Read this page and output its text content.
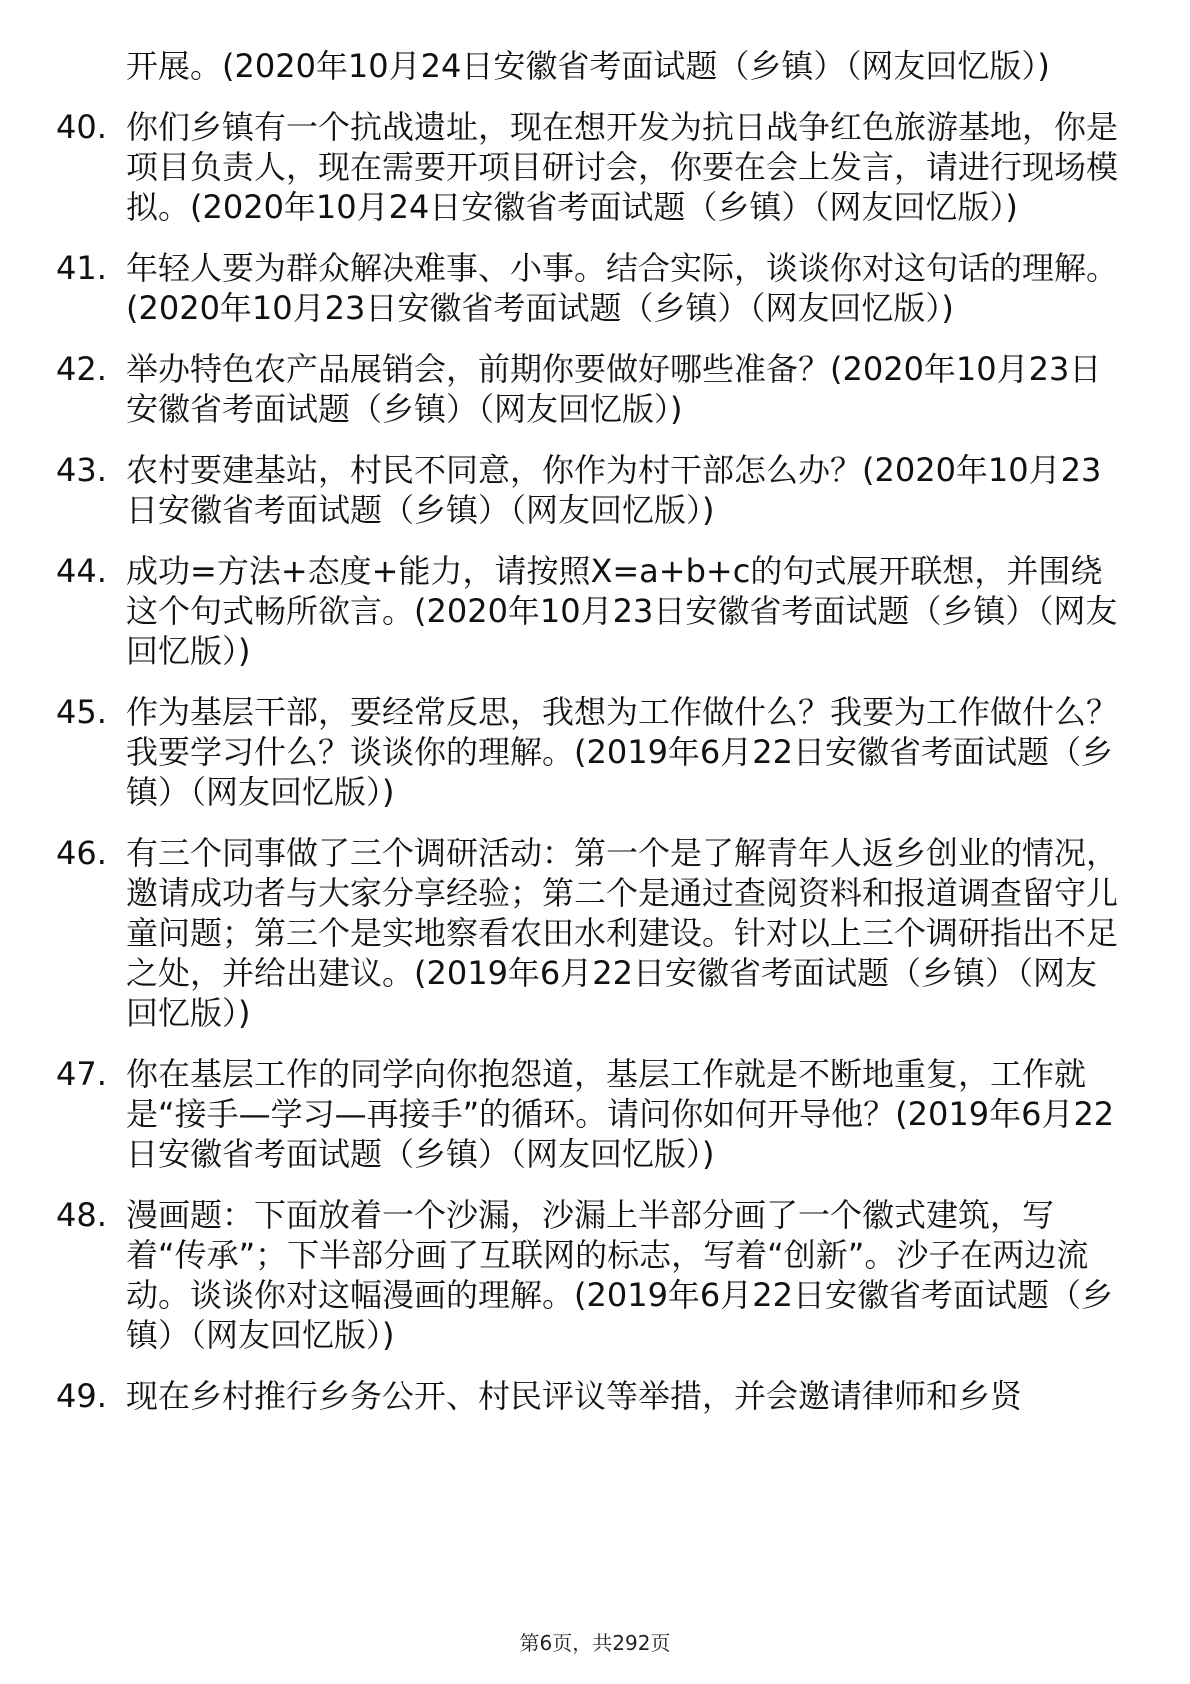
开展。(2020年10月24日安徽省考面试题（乡镇）（网友回忆版）)
40. 你们乡镇有一个抗战遗址，现在想开发为抗日战争红色旅游基地，你是项目负责人，现在需要开项目研讨会，你要在会上发言，请进行现场模拟。(2020年10月24日安徽省考面试题（乡镇）（网友回忆版）)
41. 年轻人要为群众解决难事、小事。结合实际，谈谈你对这句话的理解。(2020年10月23日安徽省考面试题（乡镇）（网友回忆版）)
42. 举办特色农产品展销会，前期你要做好哪些准备？(2020年10月23日安徽省考面试题（乡镇）（网友回忆版）)
43. 农村要建基站，村民不同意，你作为村干部怎么办？(2020年10月23日安徽省考面试题（乡镇）（网友回忆版）)
44. 成功=方法+态度+能力，请按照X=a+b+c的句式展开联想，并围绕这个句式畅所欲言。(2020年10月23日安徽省考面试题（乡镇）（网友回忆版）)
45. 作为基层干部，要经常反思，我想为工作做什么？我要为工作做什么？我要学习什么？谈谈你的理解。(2019年6月22日安徽省考面试题（乡镇）（网友回忆版）)
46. 有三个同事做了三个调研活动：第一个是了解青年人返乡创业的情况，邀请成功者与大家分享经验；第二个是通过查阅资料和报道调查留守儿童问题；第三个是实地察看农田水利建设。针对以上三个调研指出不足之处，并给出建议。(2019年6月22日安徽省考面试题（乡镇）（网友回忆版）)
47. 你在基层工作的同学向你抱怨道，基层工作就是不断地重复，工作就是“接手—学习—再接手”的循环。请问你如何开导他？(2019年6月22日安徽省考面试题（乡镇）（网友回忆版）)
48. 漫画题：下面放着一个沙漏，沙漏上半部分画了一个徽式建筑，写着“传承”；下半部分画了互联网的标志，写着“创新”。沙子在两边流动。谈谈你对这幅漫画的理解。(2019年6月22日安徽省考面试题（乡镇）（网友回忆版）)
49. 现在乡村推行乡务公开、村民评议等举措，并会邀请律师和乡贤
第6页，共292页
